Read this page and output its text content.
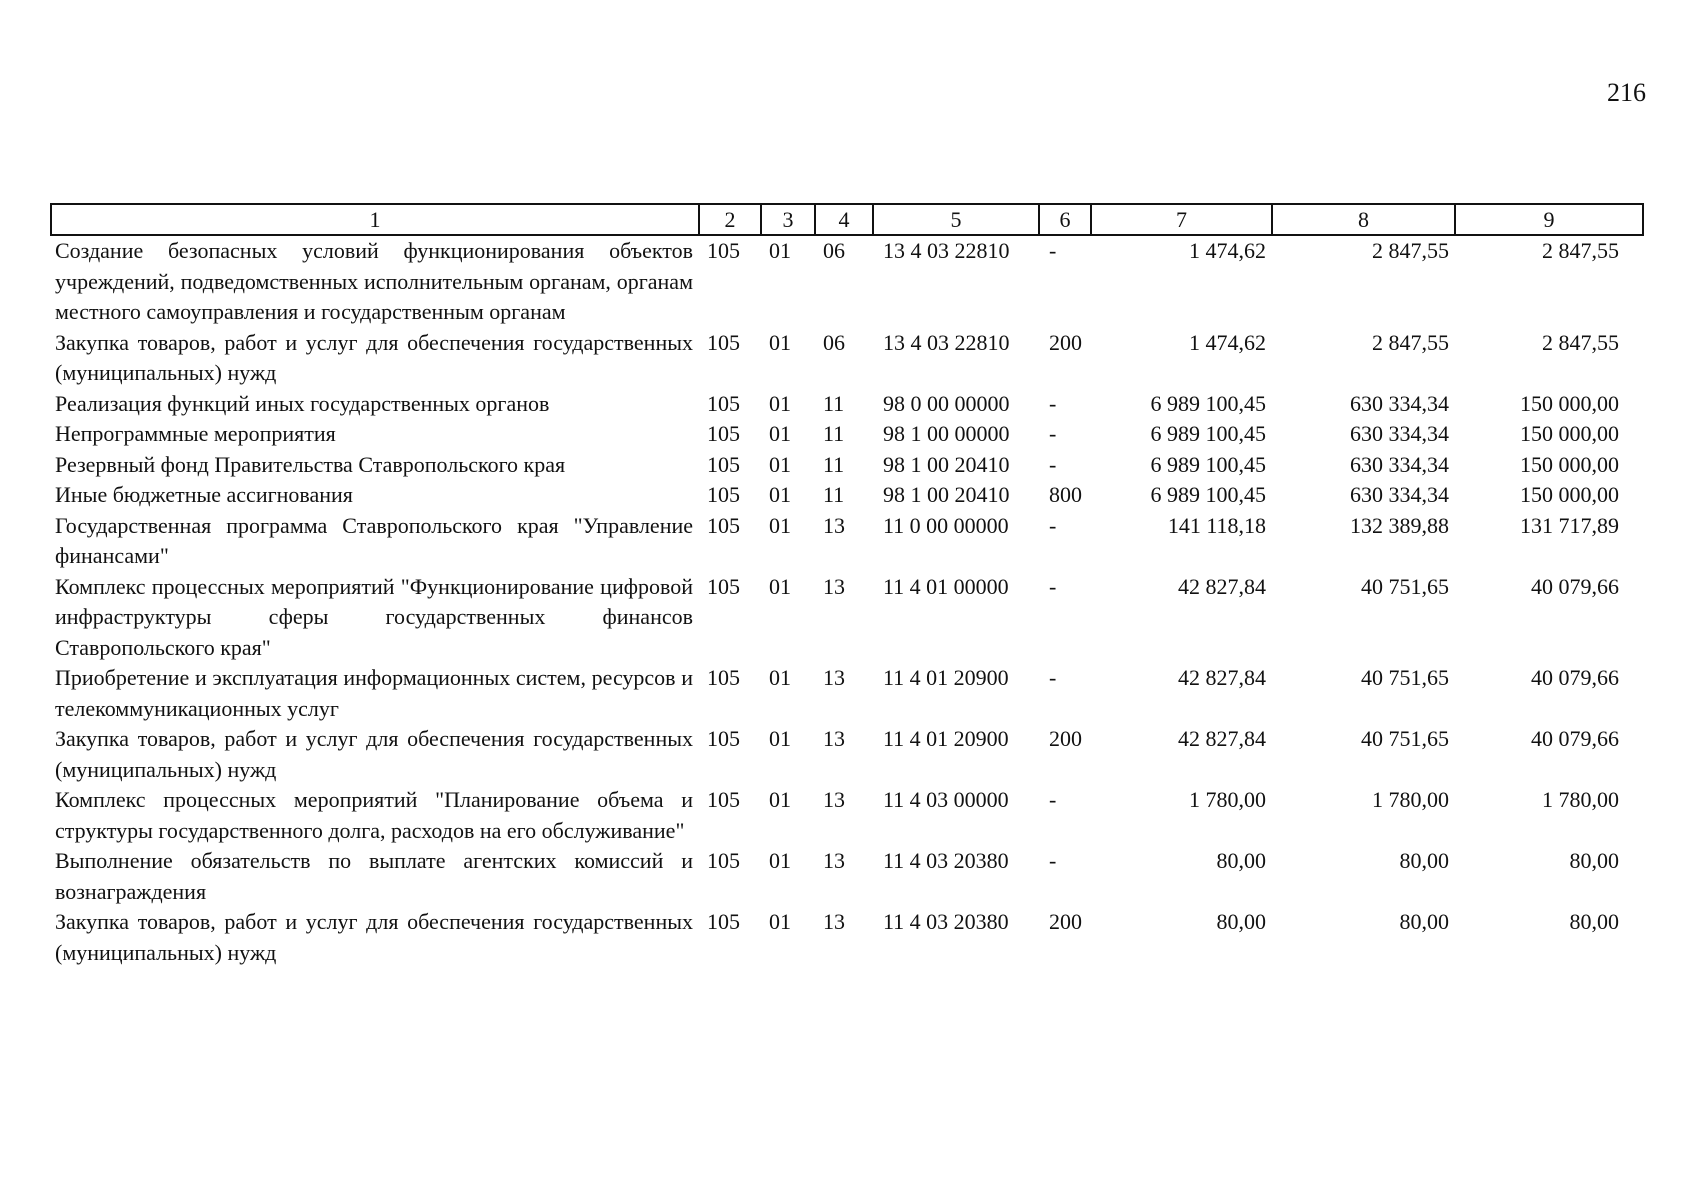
216
1	2	3	4	5	6	7	8	9
Создание безопасных условий функционирования объектов учреждений, подведомственных исполнительным органам, органам местного самоуправления и государственным органам	105	01	06	13 4 03 22810	-	1 474,62	2 847,55	2 847,55
Закупка товаров, работ и услуг для обеспечения государственных (муниципальных) нужд	105	01	06	13 4 03 22810	200	1 474,62	2 847,55	2 847,55
Реализация функций иных государственных органов	105	01	11	98 0 00 00000	-	6 989 100,45	630 334,34	150 000,00
Непрограммные мероприятия	105	01	11	98 1 00 00000	-	6 989 100,45	630 334,34	150 000,00
Резервный фонд Правительства Ставропольского края	105	01	11	98 1 00 20410	-	6 989 100,45	630 334,34	150 000,00
Иные бюджетные ассигнования	105	01	11	98 1 00 20410	800	6 989 100,45	630 334,34	150 000,00
Государственная программа Ставропольского края "Управление финансами"	105	01	13	11 0 00 00000	-	141 118,18	132 389,88	131 717,89
Комплекс процессных мероприятий "Функционирование цифровой инфраструктуры сферы государственных финансов Ставропольского края"	105	01	13	11 4 01 00000	-	42 827,84	40 751,65	40 079,66
Приобретение и эксплуатация информационных систем, ресурсов и телекоммуникационных услуг	105	01	13	11 4 01 20900	-	42 827,84	40 751,65	40 079,66
Закупка товаров, работ и услуг для обеспечения государственных (муниципальных) нужд	105	01	13	11 4 01 20900	200	42 827,84	40 751,65	40 079,66
Комплекс процессных мероприятий "Планирование объема и структуры государственного долга, расходов на его обслуживание"	105	01	13	11 4 03 00000	-	1 780,00	1 780,00	1 780,00
Выполнение обязательств по выплате агентских комиссий и вознаграждения	105	01	13	11 4 03 20380	-	80,00	80,00	80,00
Закупка товаров, работ и услуг для обеспечения государственных (муниципальных) нужд	105	01	13	11 4 03 20380	200	80,00	80,00	80,00
